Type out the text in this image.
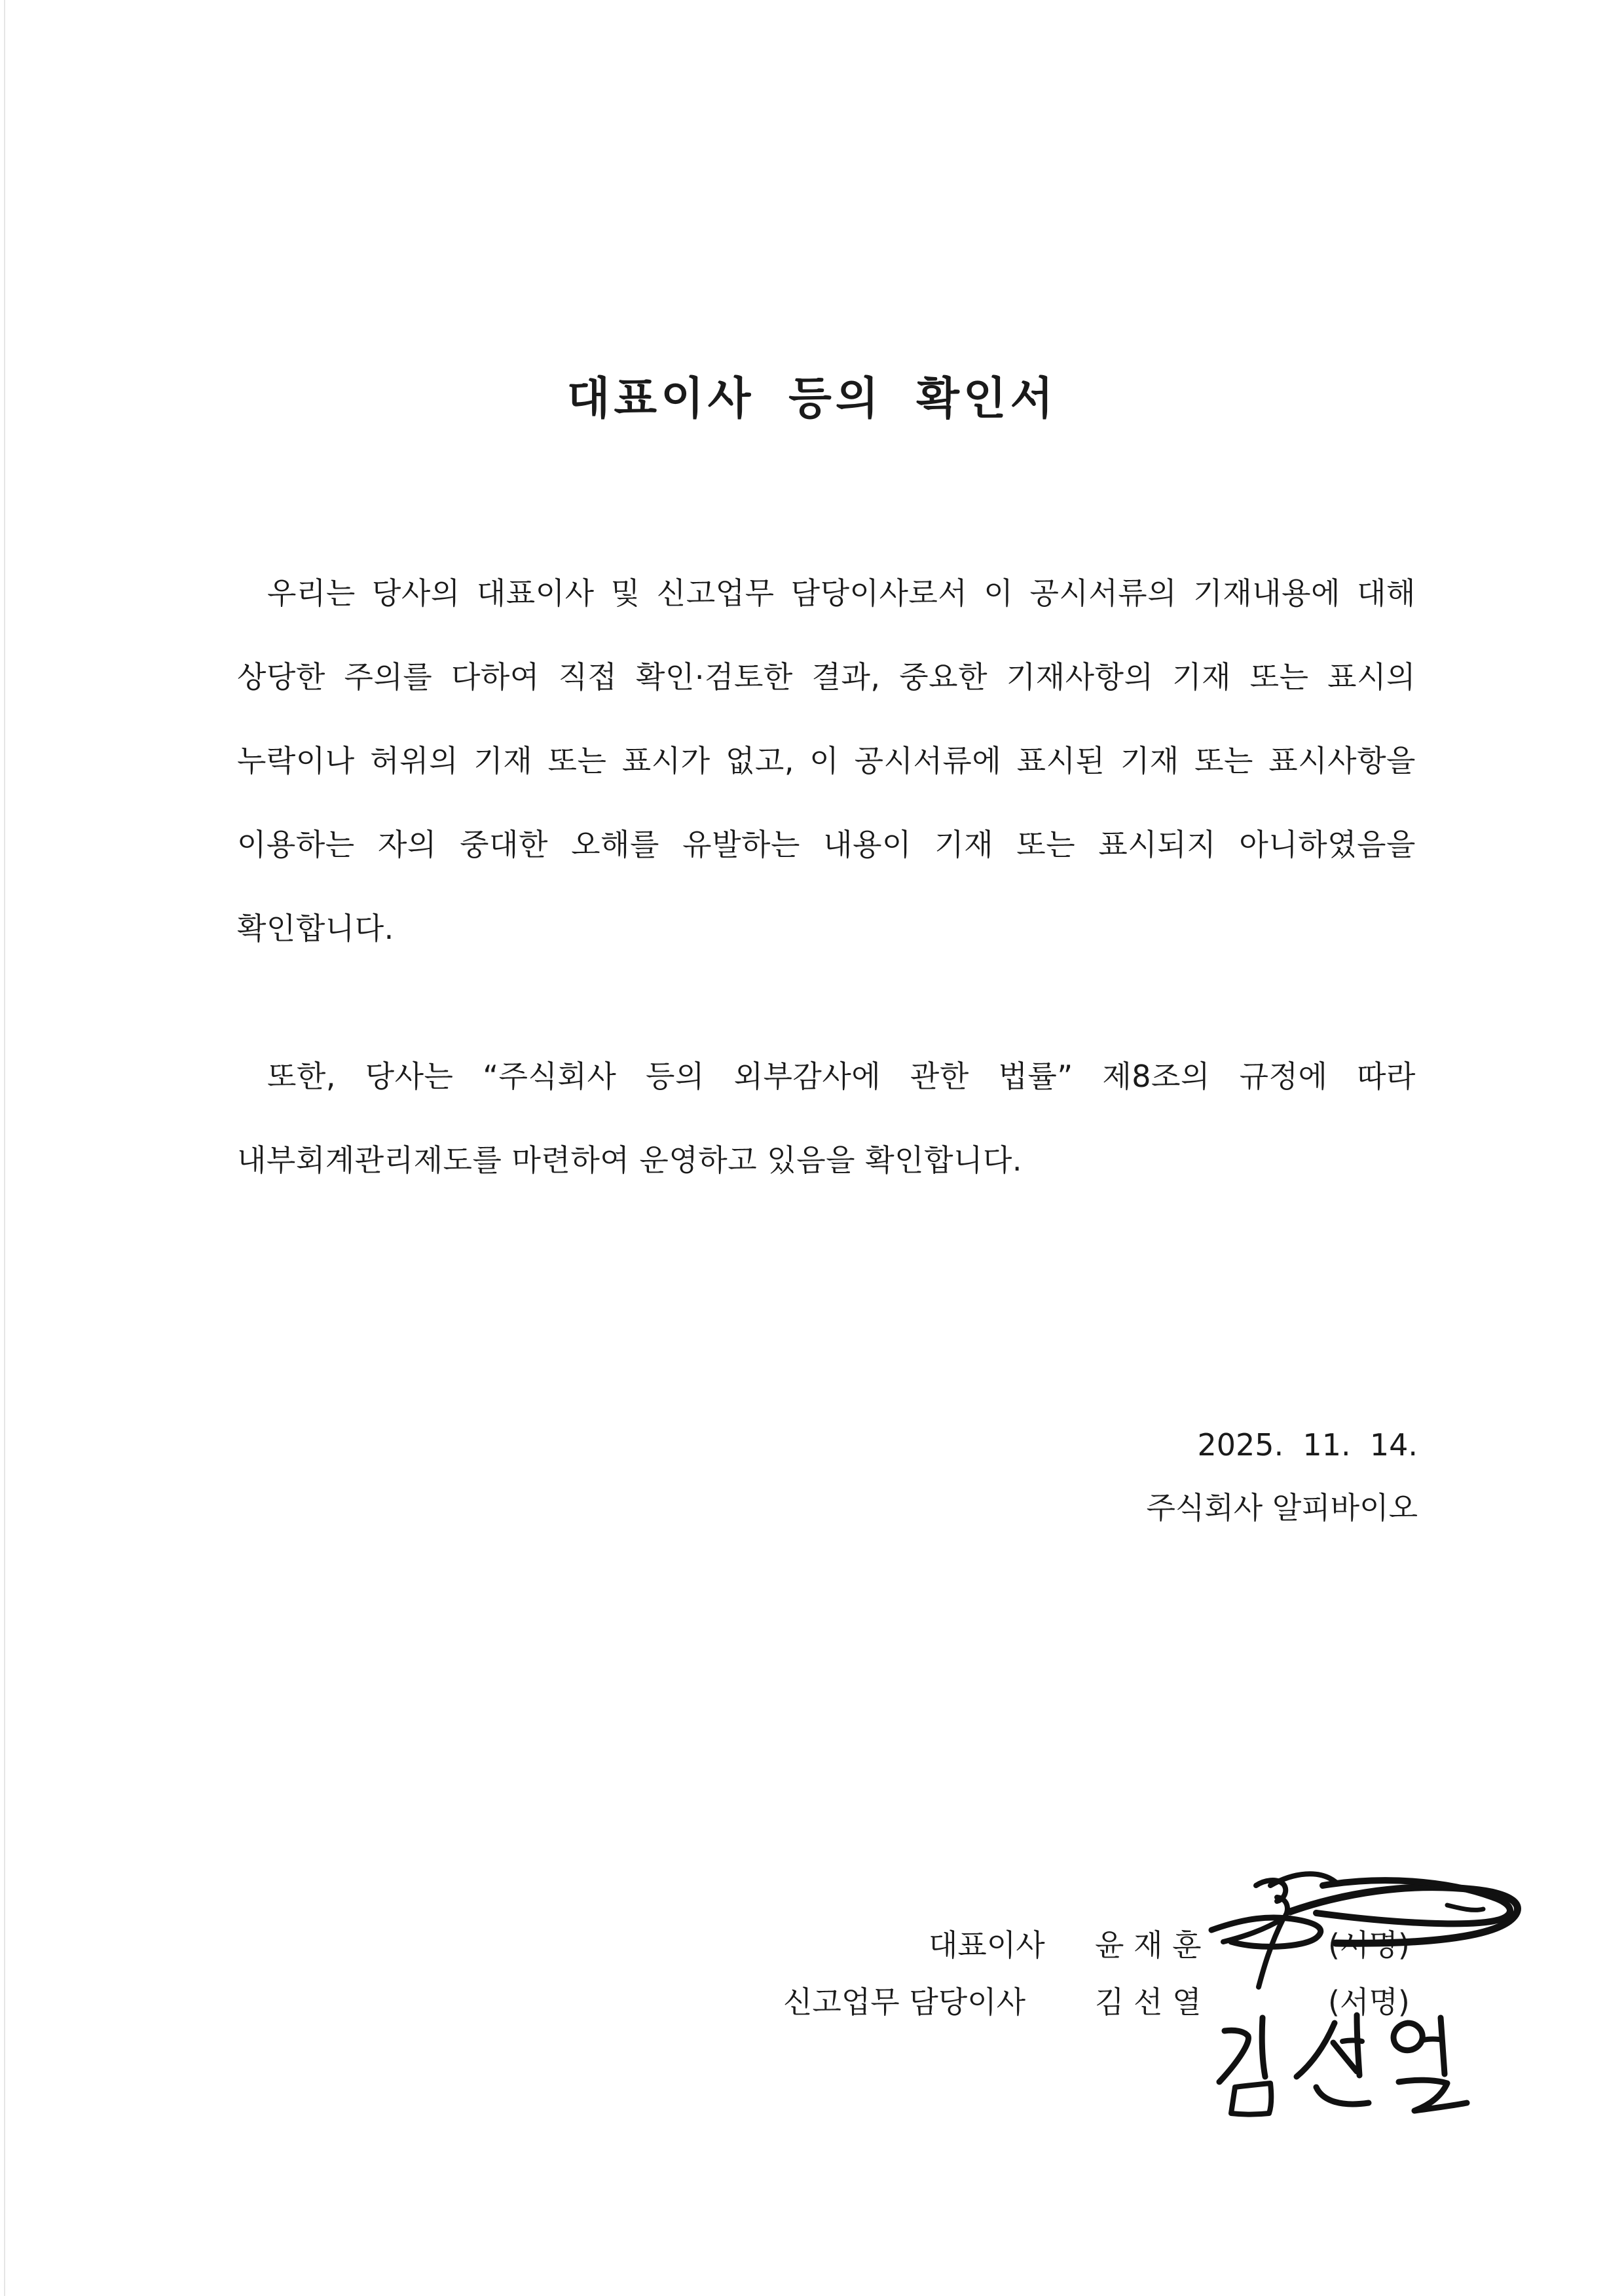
대표이사 등의 확인서

우리는 당사의 대표이사 및 신고업무 담당이사로서 이 공시서류의 기재내용에 대해 상당한 주의를 다하여 직접 확인·검토한 결과, 중요한 기재사항의 기재 또는 표시의 누락이나 허위의 기재 또는 표시가 없고, 이 공시서류에 표시된 기재 또는 표시사항을 이용하는 자의 중대한 오해를 유발하는 내용이 기재 또는 표시되지 아니하였음을 확인합니다.

또한, 당사는 “주식회사 등의 외부감사에 관한 법률” 제8조의 규정에 따라 내부회계관리제도를 마련하여 운영하고 있음을 확인합니다.

2025.  11.  14.
주식회사 알피바이오
대표이사 윤 재 훈	(서명)
신고업무 담당이사 김 선 열	(서명)
